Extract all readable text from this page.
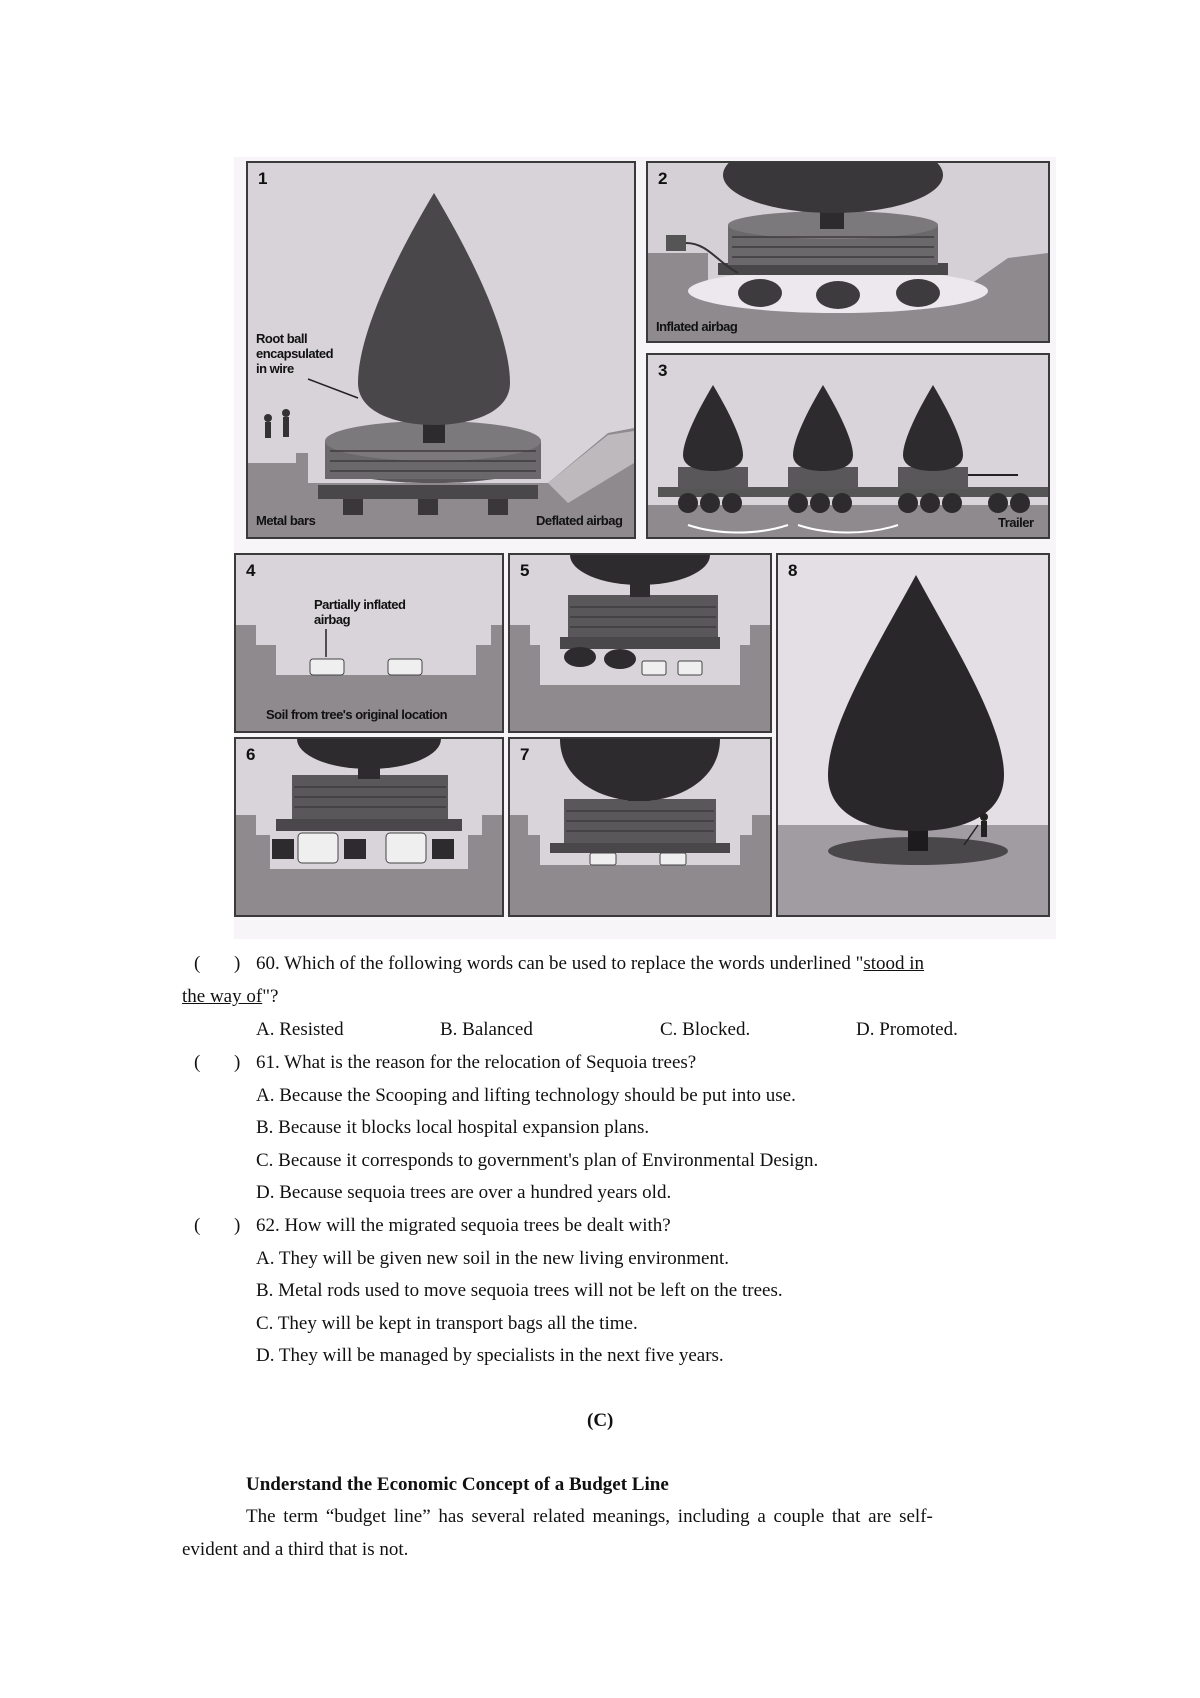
1
Root ball encapsulated in wire
Metal bars	Deflated airbag
2
Inflated airbag
3
Trailer
4
Partially inflated airbag
Soil from tree's original location
5
6	7
8
( ) 60. Which of the following words can be used to replace the words underlined "stood in
the way of"?
A. Resisted	B. Balanced	C. Blocked.	D. Promoted.
( ) 61. What is the reason for the relocation of Sequoia trees?
A. Because the Scooping and lifting technology should be put into use.
B. Because it blocks local hospital expansion plans.
C. Because it corresponds to government's plan of Environmental Design.
D. Because sequoia trees are over a hundred years old.
( ) 62. How will the migrated sequoia trees be dealt with?
A. They will be given new soil in the new living environment.
B. Metal rods used to move sequoia trees will not be left on the trees.
C. They will be kept in transport bags all the time.
D. They will be managed by specialists in the next five years.
(C)
Understand the Economic Concept of a Budget Line
The term “budget line” has several related meanings, including a couple that are self-
evident and a third that is not.
